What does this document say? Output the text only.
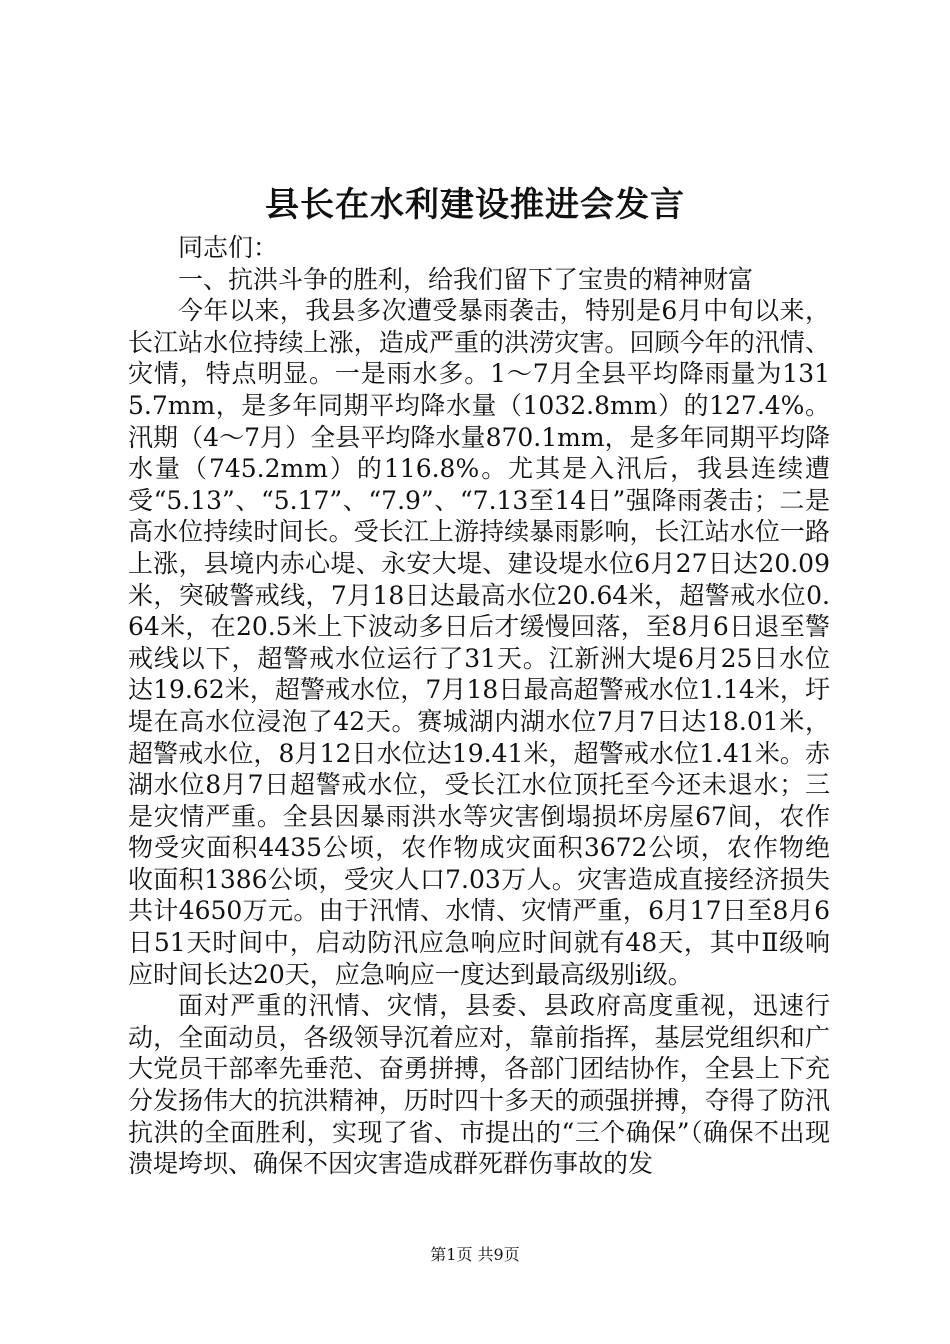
县长在水利建设推进会发言

同志们：

一、抗洪斗争的胜利，给我们留下了宝贵的精神财富

今年以来，我县多次遭受暴雨袭击，特别是6月中旬以来，长江站水位持续上涨，造成严重的洪涝灾害。回顾今年的汛情、灾情，特点明显。一是雨水多。1～7月全县平均降雨量为1315.7mm，是多年同期平均降水量（1032.8mm）的127.4%。汛期（4～7月）全县平均降水量870.1mm，是多年同期平均降水量（745.2mm）的116.8%。尤其是入汛后，我县连续遭受“5.13”、“5.17”、“7.9”、“7.13至14日”强降雨袭击；二是高水位持续时间长。受长江上游持续暴雨影响，长江站水位一路上涨，县境内赤心堤、永安大堤、建设堤水位6月27日达20.09米，突破警戒线，7月18日达最高水位20.64米，超警戒水位0.64米，在20.5米上下波动多日后才缓慢回落，至8月6日退至警戒线以下，超警戒水位运行了31天。江新洲大堤6月25日水位达19.62米，超警戒水位，7月18日最高超警戒水位1.14米，圩堤在高水位浸泡了42天。赛城湖内湖水位7月7日达18.01米，超警戒水位，8月12日水位达19.41米，超警戒水位1.41米。赤湖水位8月7日超警戒水位，受长江水位顶托至今还未退水；三是灾情严重。全县因暴雨洪水等灾害倒塌损坏房屋67间，农作物受灾面积4435公顷，农作物成灾面积3672公顷，农作物绝收面积1386公顷，受灾人口7.03万人。灾害造成直接经济损失共计4650万元。由于汛情、水情、灾情严重，6月17日至8月6日51天时间中，启动防汛应急响应时间就有48天，其中Ⅱ级响应时间长达20天，应急响应一度达到最高级别ⅰ级。

面对严重的汛情、灾情，县委、县政府高度重视，迅速行动，全面动员，各级领导沉着应对，靠前指挥，基层党组织和广大党员干部率先垂范、奋勇拼搏，各部门团结协作，全县上下充分发扬伟大的抗洪精神，历时四十多天的顽强拼搏，夺得了防汛抗洪的全面胜利，实现了省、市提出的“三个确保”（确保不出现溃堤垮坝、确保不因灾害造成群死群伤事故的发

第1页 共9页
